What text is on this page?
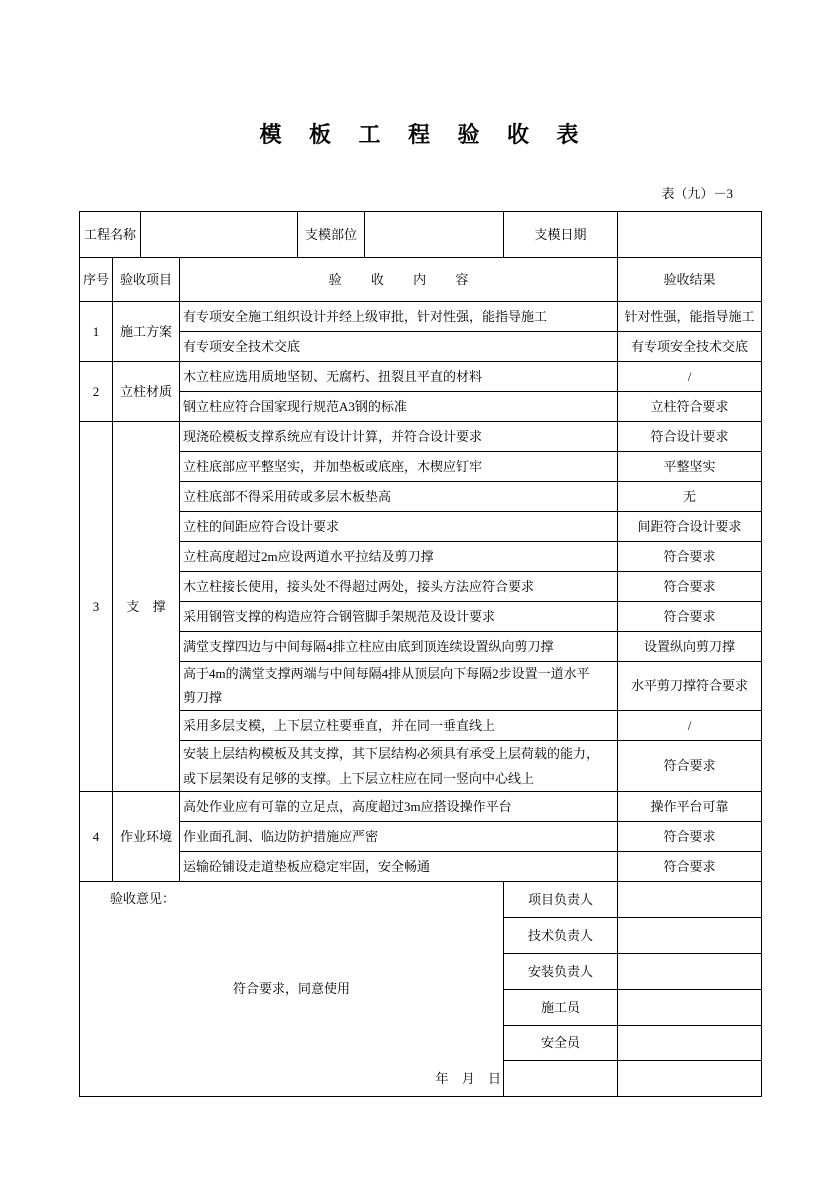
模 板 工 程 验 收 表
表（九）－3
工程名称				支模部位		支模日期	
序号	验收项目		验 收 内 容				验收结果
1	施工方案		有专项安全施工组织设计并经上级审批，针对性强，能指导施工				针对性强，能指导施工

			有专项安全技术交底				有专项安全技术交底
2	立柱材质		木立柱应选用质地坚韧、无腐朽、扭裂且平直的材料				/

			钢立柱应符合国家现行规范A3钢的标准				立柱符合要求
3	支 撑		现浇砼模板支撑系统应有设计计算，并符合设计要求				符合设计要求

			立柱底部应平整坚实，并加垫板或底座，木楔应钉牢				平整坚实

			立柱底部不得采用砖或多层木板垫高				无

			立柱的间距应符合设计要求				间距符合设计要求

			立柱高度超过2m应设两道水平拉结及剪刀撑				符合要求

			木立柱接长使用，接头处不得超过两处，接头方法应符合要求				符合要求

			采用钢管支撑的构造应符合钢管脚手架规范及设计要求				符合要求

			满堂支撑四边与中间每隔4排立柱应由底到顶连续设置纵向剪刀撑				设置纵向剪刀撑

			高于4m的满堂支撑两端与中间每隔4排从顶层向下每隔2步设置一道水平
剪刀撑				水平剪刀撑符合要求

			采用多层支模，上下层立柱要垂直，并在同一垂直线上				/

			安装上层结构模板及其支撑，其下层结构必须具有承受上层荷载的能力，
或下层架设有足够的支撑。上下层立柱应在同一竖向中心线上				符合要求
4	作业环境		高处作业应有可靠的立足点，高度超过3m应搭设操作平台				操作平台可靠

			作业面孔洞、临边防护措施应严密				符合要求

			运输砼铺设走道垫板应稳定牢固，安全畅通				符合要求

验收意见：
符合要求，同意使用
年 月 日						项目负责人	
						技术负责人	
						安装负责人	
						施工员	
						安全员	
